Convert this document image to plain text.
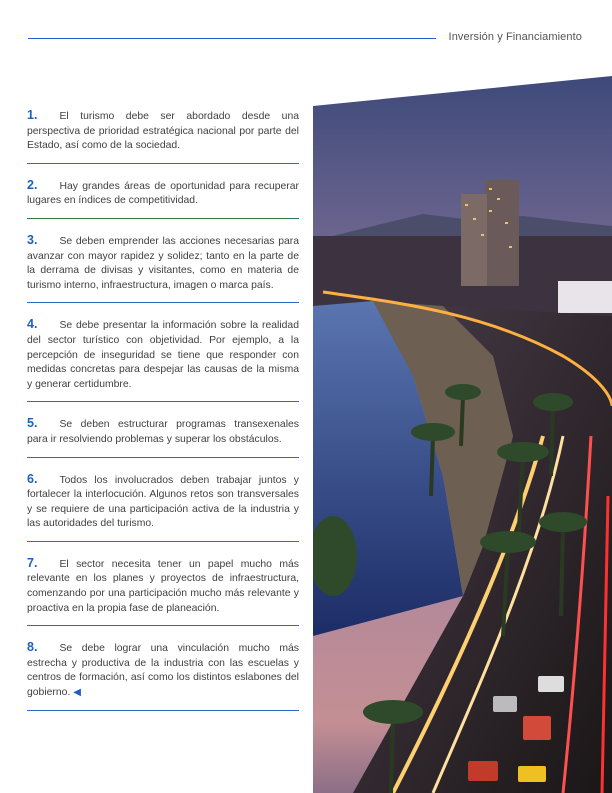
Inversión y Financiamiento
1. El turismo debe ser abordado desde una perspectiva de prioridad estratégica nacional por parte del Estado, así como de la sociedad.
2. Hay grandes áreas de oportunidad para recuperar lugares en índices de competitividad.
3. Se deben emprender las acciones necesarias para avanzar con mayor rapidez y solidez; tanto en la parte de la derrama de divisas y visitantes, como en materia de turismo interno, infraestructura, imagen o marca país.
4. Se debe presentar la información sobre la realidad del sector turístico con objetividad. Por ejemplo, a la percepción de inseguridad se tiene que responder con medidas concretas para despejar las causas de la misma y generar certidumbre.
5. Se deben estructurar programas transexenales para ir resolviendo problemas y superar los obstáculos.
6. Todos los involucrados deben trabajar juntos y fortalecer la interlocución. Algunos retos son transversales y se requiere de una participación activa de la industria y las autoridades del turismo.
7. El sector necesita tener un papel mucho más relevante en los planes y proyectos de infraestructura, comenzando por una participación mucho más relevante y proactiva en la propia fase de planeación.
8. Se debe lograr una vinculación mucho más estrecha y productiva de la industria con las escuelas y centros de formación, así como los distintos eslabones del gobierno. ◀
